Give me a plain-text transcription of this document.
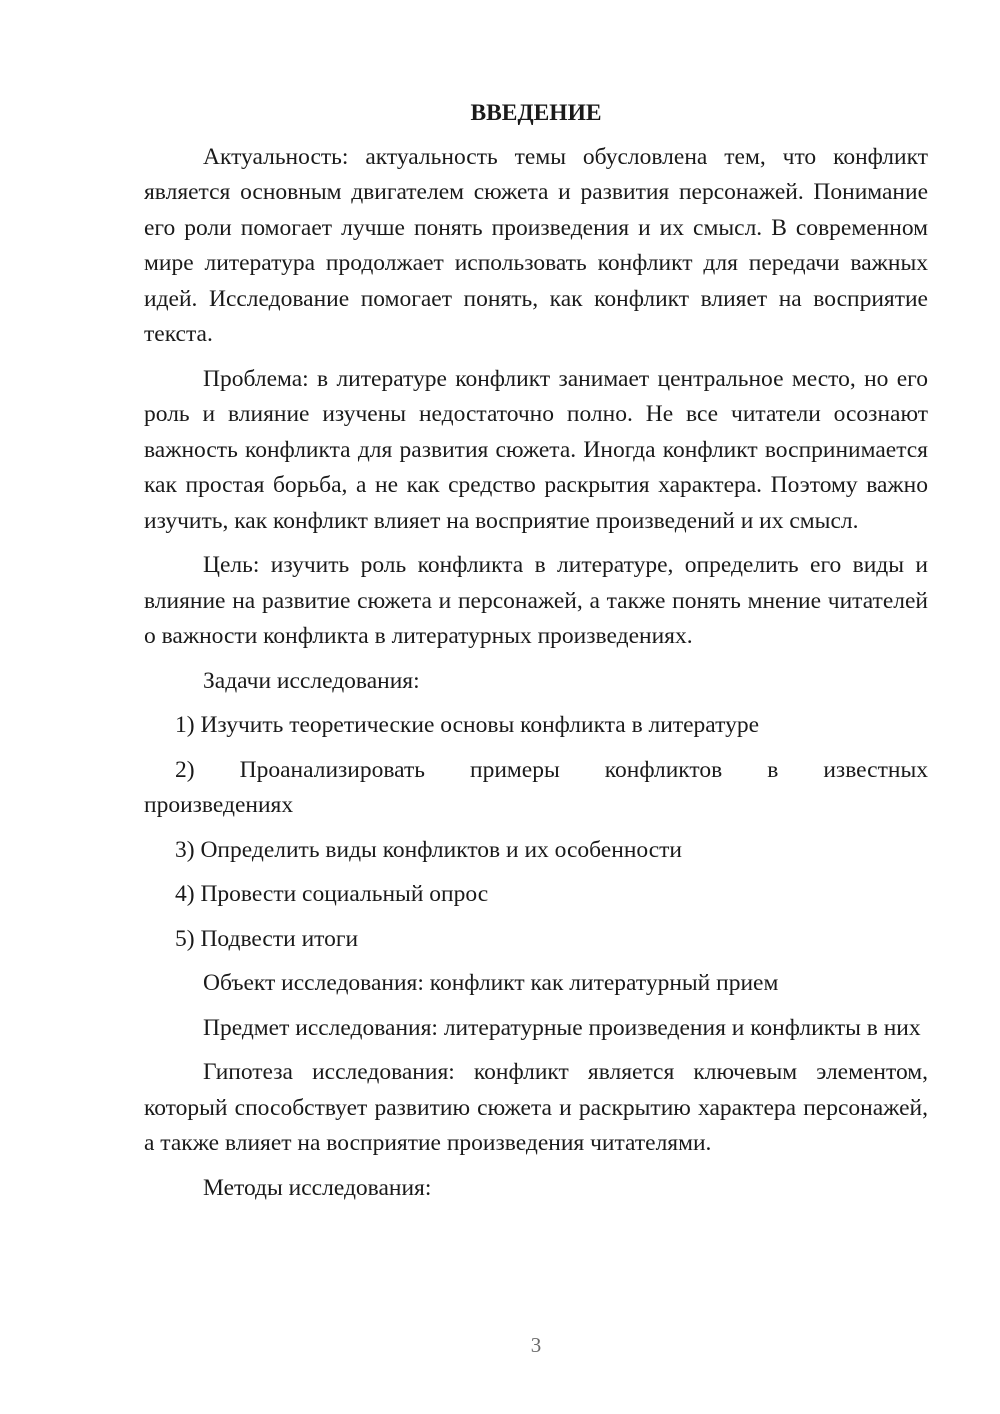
ВВЕДЕНИЕ

Актуальность: актуальность темы обусловлена тем, что конфликт является основным двигателем сюжета и развития персонажей. Понимание его роли помогает лучше понять произведения и их смысл. В современном мире литература продолжает использовать конфликт для передачи важных идей. Исследование помогает понять, как конфликт влияет на восприятие текста.

Проблема: в литературе конфликт занимает центральное место, но его роль и влияние изучены недостаточно полно. Не все читатели осознают важность конфликта для развития сюжета. Иногда конфликт воспринимается как простая борьба, а не как средство раскрытия характера. Поэтому важно изучить, как конфликт влияет на восприятие произведений и их смысл.

Цель: изучить роль конфликта в литературе, определить его виды и влияние на развитие сюжета и персонажей, а также понять мнение читателей о важности конфликта в литературных произведениях.

Задачи исследования:

1) Изучить теоретические основы конфликта в литературе

2) Проанализировать примеры конфликтов в известных произведениях

3) Определить виды конфликтов и их особенности

4) Провести социальный опрос

5) Подвести итоги

Объект исследования: конфликт как литературный прием

Предмет исследования: литературные произведения и конфликты в них

Гипотеза исследования: конфликт является ключевым элементом, который способствует развитию сюжета и раскрытию характера персонажей, а также влияет на восприятие произведения читателями.

Методы исследования:

3
